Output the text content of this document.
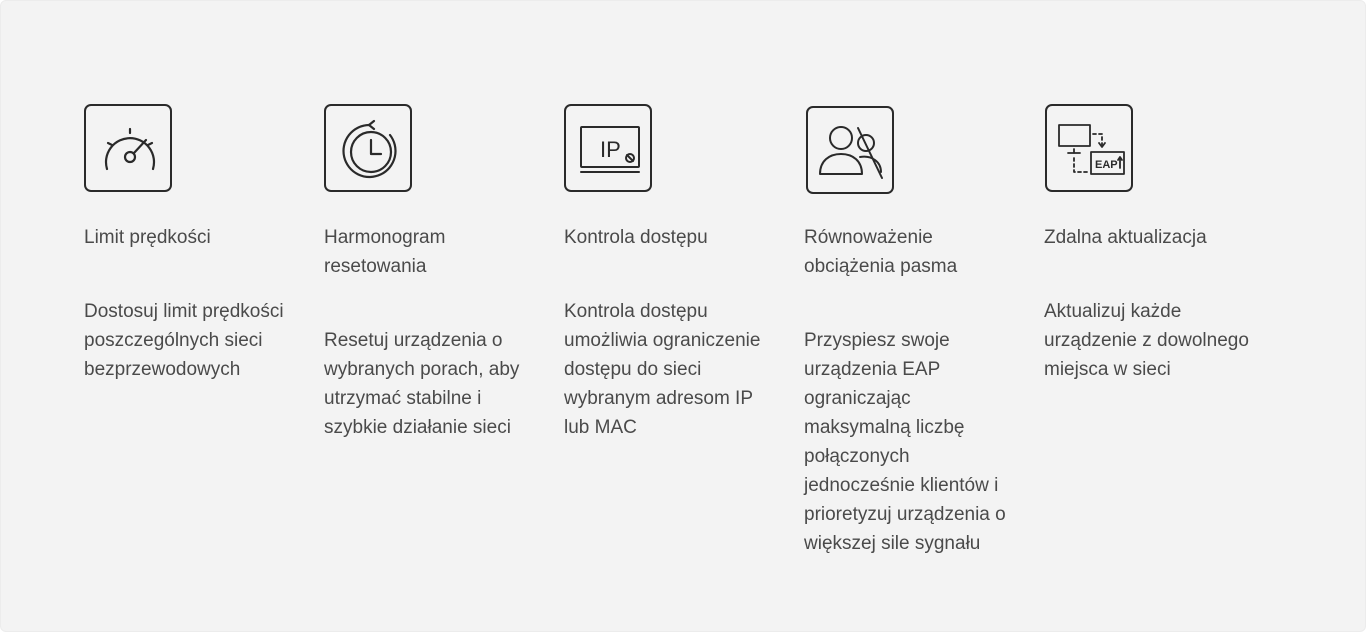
Limit prędkości
Dostosuj limit prędkości poszczególnych sieci bezprzewodowych
Harmonogram resetowania
Resetuj urządzenia o wybranych porach, aby utrzymać stabilne i szybkie działanie sieci
IP
Kontrola dostępu
Kontrola dostępu umożliwia ograniczenie dostępu do sieci wybranym adresom IP lub MAC
Równoważenie obciążenia pasma
Przyspiesz swoje urządzenia EAP ograniczając maksymalną liczbę połączonych jednocześnie klientów i prioretyzuj urządzenia o większej sile sygnału
EAP
Zdalna aktualizacja
Aktualizuj każde urządzenie z dowolnego miejsca w sieci
